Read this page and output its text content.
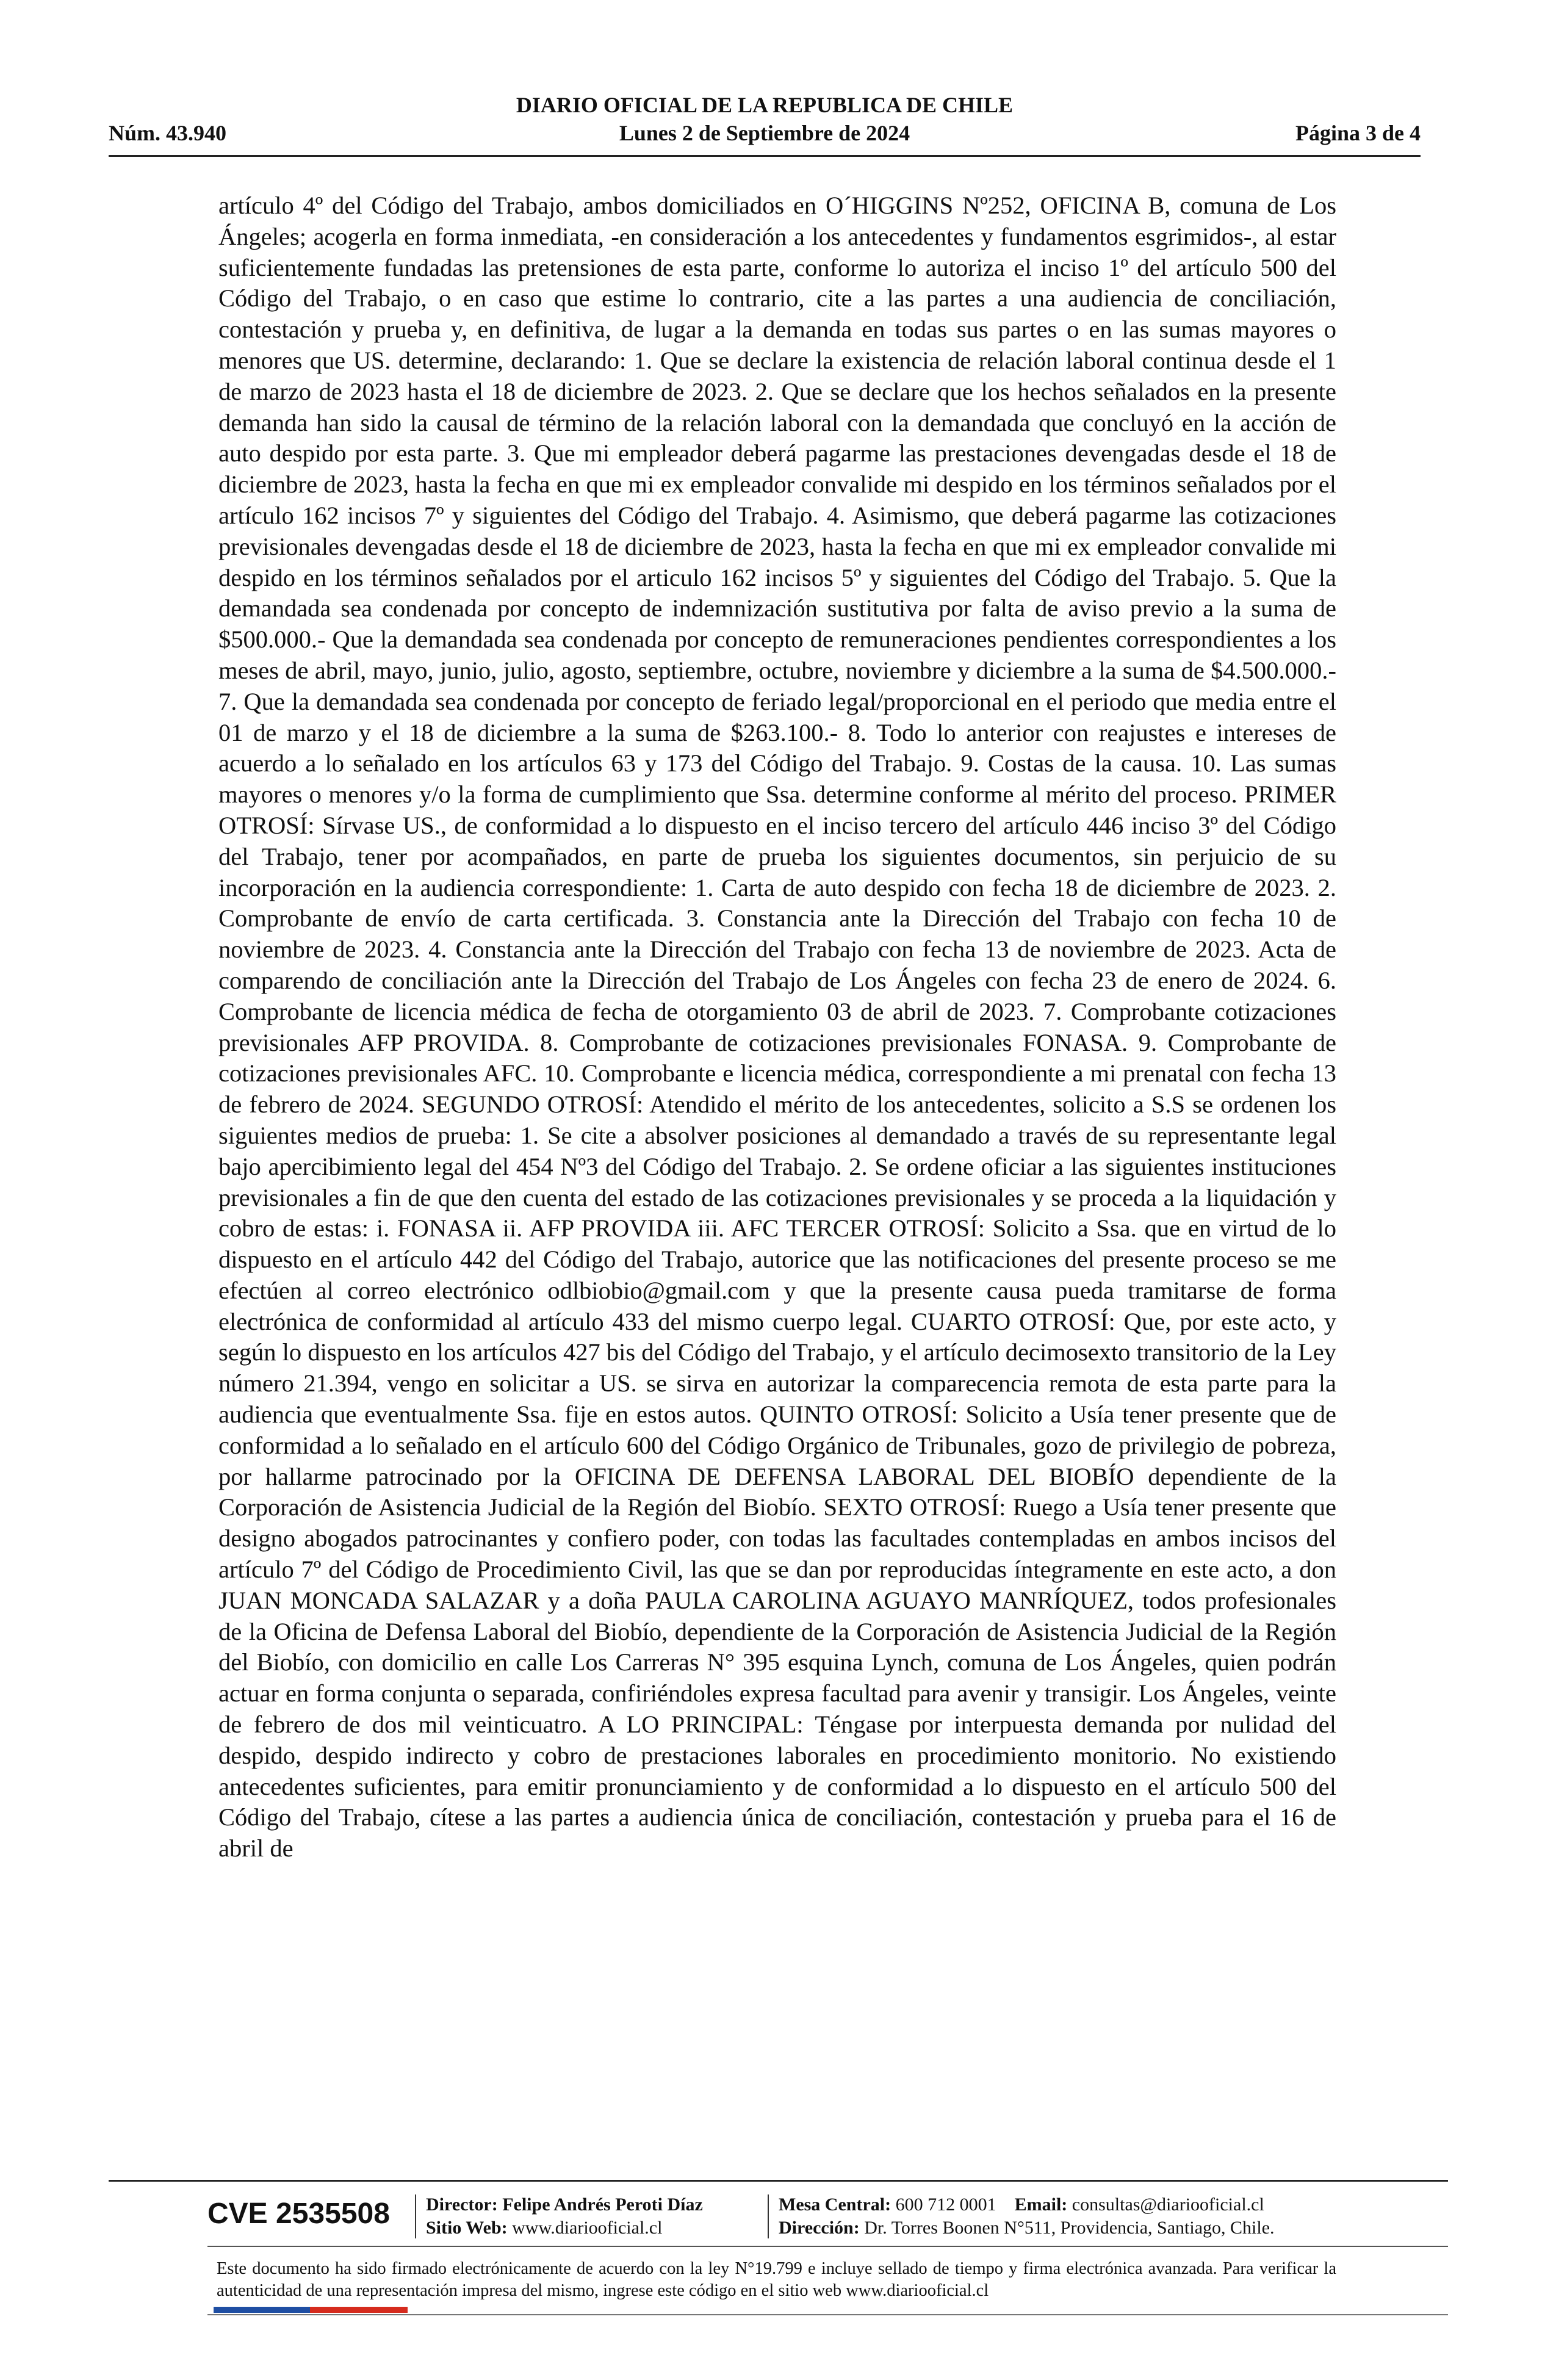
DIARIO OFICIAL DE LA REPUBLICA DE CHILE
Núm. 43.940	Lunes 2 de Septiembre de 2024	Página 3 de 4

artículo 4º del Código del Trabajo, ambos domiciliados en O´HIGGINS Nº252, OFICINA B, comuna de Los Ángeles; acogerla en forma inmediata, -en consideración a los antecedentes y fundamentos esgrimidos-, al estar suficientemente fundadas las pretensiones de esta parte, conforme lo autoriza el inciso 1º del artículo 500 del Código del Trabajo, o en caso que estime lo contrario, cite a las partes a una audiencia de conciliación, contestación y prueba y, en definitiva, de lugar a la demanda en todas sus partes o en las sumas mayores o menores que US. determine, declarando: 1. Que se declare la existencia de relación laboral continua desde el 1 de marzo de 2023 hasta el 18 de diciembre de 2023. 2. Que se declare que los hechos señalados en la presente demanda han sido la causal de término de la relación laboral con la demandada que concluyó en la acción de auto despido por esta parte. 3. Que mi empleador deberá pagarme las prestaciones devengadas desde el 18 de diciembre de 2023, hasta la fecha en que mi ex empleador convalide mi despido en los términos señalados por el artículo 162 incisos 7º y siguientes del Código del Trabajo. 4. Asimismo, que deberá pagarme las cotizaciones previsionales devengadas desde el 18 de diciembre de 2023, hasta la fecha en que mi ex empleador convalide mi despido en los términos señalados por el articulo 162 incisos 5º y siguientes del Código del Trabajo. 5. Que la demandada sea condenada por concepto de indemnización sustitutiva por falta de aviso previo a la suma de $500.000.- Que la demandada sea condenada por concepto de remuneraciones pendientes correspondientes a los meses de abril, mayo, junio, julio, agosto, septiembre, octubre, noviembre y diciembre a la suma de $4.500.000.- 7. Que la demandada sea condenada por concepto de feriado legal/proporcional en el periodo que media entre el 01 de marzo y el 18 de diciembre a la suma de $263.100.- 8. Todo lo anterior con reajustes e intereses de acuerdo a lo señalado en los artículos 63 y 173 del Código del Trabajo. 9. Costas de la causa. 10. Las sumas mayores o menores y/o la forma de cumplimiento que Ssa. determine conforme al mérito del proceso. PRIMER OTROSÍ: Sírvase US., de conformidad a lo dispuesto en el inciso tercero del artículo 446 inciso 3º del Código del Trabajo, tener por acompañados, en parte de prueba los siguientes documentos, sin perjuicio de su incorporación en la audiencia correspondiente: 1. Carta de auto despido con fecha 18 de diciembre de 2023. 2. Comprobante de envío de carta certificada. 3. Constancia ante la Dirección del Trabajo con fecha 10 de noviembre de 2023. 4. Constancia ante la Dirección del Trabajo con fecha 13 de noviembre de 2023. Acta de comparendo de conciliación ante la Dirección del Trabajo de Los Ángeles con fecha 23 de enero de 2024. 6. Comprobante de licencia médica de fecha de otorgamiento 03 de abril de 2023. 7. Comprobante cotizaciones previsionales AFP PROVIDA. 8. Comprobante de cotizaciones previsionales FONASA. 9. Comprobante de cotizaciones previsionales AFC. 10. Comprobante e licencia médica, correspondiente a mi prenatal con fecha 13 de febrero de 2024. SEGUNDO OTROSÍ: Atendido el mérito de los antecedentes, solicito a S.S se ordenen los siguientes medios de prueba: 1. Se cite a absolver posiciones al demandado a través de su representante legal bajo apercibimiento legal del 454 Nº3 del Código del Trabajo. 2. Se ordene oficiar a las siguientes instituciones previsionales a fin de que den cuenta del estado de las cotizaciones previsionales y se proceda a la liquidación y cobro de estas: i. FONASA ii. AFP PROVIDA iii. AFC TERCER OTROSÍ: Solicito a Ssa. que en virtud de lo dispuesto en el artículo 442 del Código del Trabajo, autorice que las notificaciones del presente proceso se me efectúen al correo electrónico odlbiobio@gmail.com y que la presente causa pueda tramitarse de forma electrónica de conformidad al artículo 433 del mismo cuerpo legal. CUARTO OTROSÍ: Que, por este acto, y según lo dispuesto en los artículos 427 bis del Código del Trabajo, y el artículo decimosexto transitorio de la Ley número 21.394, vengo en solicitar a US. se sirva en autorizar la comparecencia remota de esta parte para la audiencia que eventualmente Ssa. fije en estos autos. QUINTO OTROSÍ: Solicito a Usía tener presente que de conformidad a lo señalado en el artículo 600 del Código Orgánico de Tribunales, gozo de privilegio de pobreza, por hallarme patrocinado por la OFICINA DE DEFENSA LABORAL DEL BIOBÍO dependiente de la Corporación de Asistencia Judicial de la Región del Biobío. SEXTO OTROSÍ: Ruego a Usía tener presente que designo abogados patrocinantes y confiero poder, con todas las facultades contempladas en ambos incisos del artículo 7º del Código de Procedimiento Civil, las que se dan por reproducidas íntegramente en este acto, a don JUAN MONCADA SALAZAR y a doña PAULA CAROLINA AGUAYO MANRÍQUEZ, todos profesionales de la Oficina de Defensa Laboral del Biobío, dependiente de la Corporación de Asistencia Judicial de la Región del Biobío, con domicilio en calle Los Carreras N° 395 esquina Lynch, comuna de Los Ángeles, quien podrán actuar en forma conjunta o separada, confiriéndoles expresa facultad para avenir y transigir. Los Ángeles, veinte de febrero de dos mil veinticuatro. A LO PRINCIPAL: Téngase por interpuesta demanda por nulidad del despido, despido indirecto y cobro de prestaciones laborales en procedimiento monitorio. No existiendo antecedentes suficientes, para emitir pronunciamiento y de conformidad a lo dispuesto en el artículo 500 del Código del Trabajo, cítese a las partes a audiencia única de conciliación, contestación y prueba para el 16 de abril de

CVE 2535508 Director: Felipe Andrés Peroti Díaz
Sitio Web: www.diariooficial.cl
Mesa Central: 600 712 0001 Email: consultas@diariooficial.cl
Dirección: Dr. Torres Boonen N°511, Providencia, Santiago, Chile.

Este documento ha sido firmado electrónicamente de acuerdo con la ley N°19.799 e incluye sellado de tiempo y firma electrónica avanzada. Para verificar la autenticidad de una representación impresa del mismo, ingrese este código en el sitio web www.diariooficial.cl
